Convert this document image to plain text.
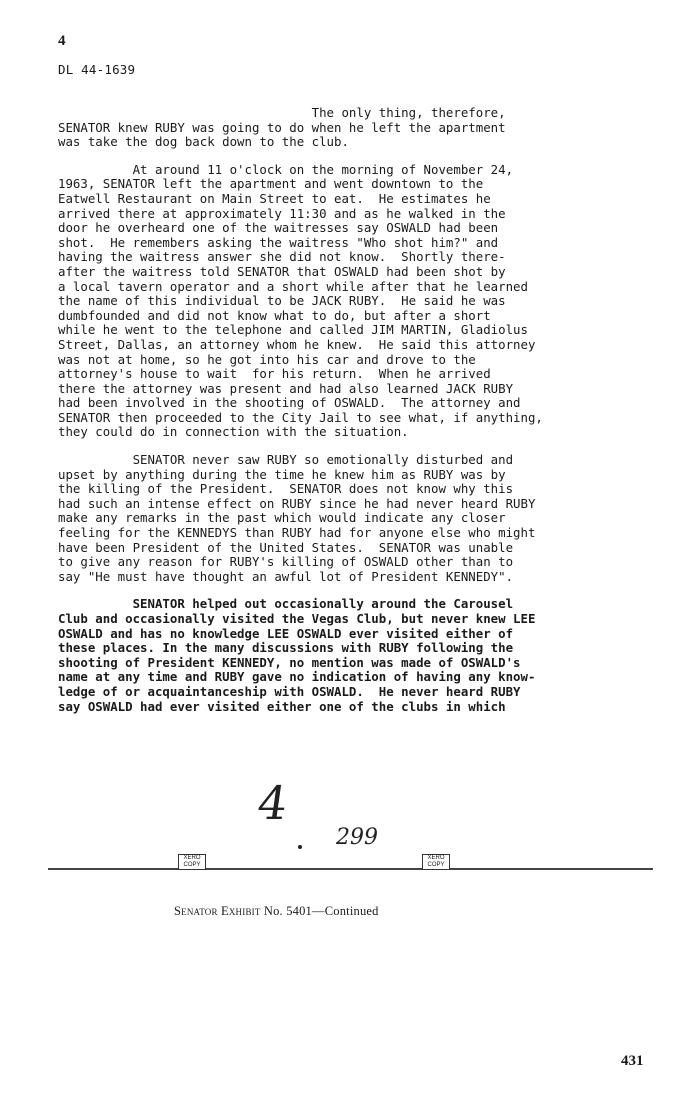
4
DL 44-1639
The only thing, therefore,
SENATOR knew RUBY was going to do when he left the apartment
was take the dog back down to the club.
At around 11 o'clock on the morning of November 24,
1963, SENATOR left the apartment and went downtown to the
Eatwell Restaurant on Main Street to eat.  He estimates he
arrived there at approximately 11:30 and as he walked in the
door he overheard one of the waitresses say OSWALD had been
shot.  He remembers asking the waitress "Who shot him?" and
having the waitress answer she did not know.  Shortly there-
after the waitress told SENATOR that OSWALD had been shot by
a local tavern operator and a short while after that he learned
the name of this individual to be JACK RUBY.  He said he was
dumbfounded and did not know what to do, but after a short
while he went to the telephone and called JIM MARTIN, Gladiolus
Street, Dallas, an attorney whom he knew.  He said this attorney
was not at home, so he got into his car and drove to the
attorney's house to wait  for his return.  When he arrived
there the attorney was present and had also learned JACK RUBY
had been involved in the shooting of OSWALD.  The attorney and
SENATOR then proceeded to the City Jail to see what, if anything,
they could do in connection with the situation.
SENATOR never saw RUBY so emotionally disturbed and
upset by anything during the time he knew him as RUBY was by
the killing of the President.  SENATOR does not know why this
had such an intense effect on RUBY since he had never heard RUBY
make any remarks in the past which would indicate any closer
feeling for the KENNEDYS than RUBY had for anyone else who might
have been President of the United States.  SENATOR was unable
to give any reason for RUBY's killing of OSWALD other than to
say "He must have thought an awful lot of President KENNEDY".
SENATOR helped out occasionally around the Carousel
Club and occasionally visited the Vegas Club, but never knew LEE
OSWALD and has no knowledge LEE OSWALD ever visited either of
these places. In the many discussions with RUBY following the
shooting of President KENNEDY, no mention was made of OSWALD's
name at any time and RUBY gave no indication of having any know-
ledge of or acquaintanceship with OSWALD.  He never heard RUBY
say OSWALD had ever visited either one of the clubs in which
4
299
XERO COPY
XERO COPY
Senator Exhibit No. 5401—Continued
431
